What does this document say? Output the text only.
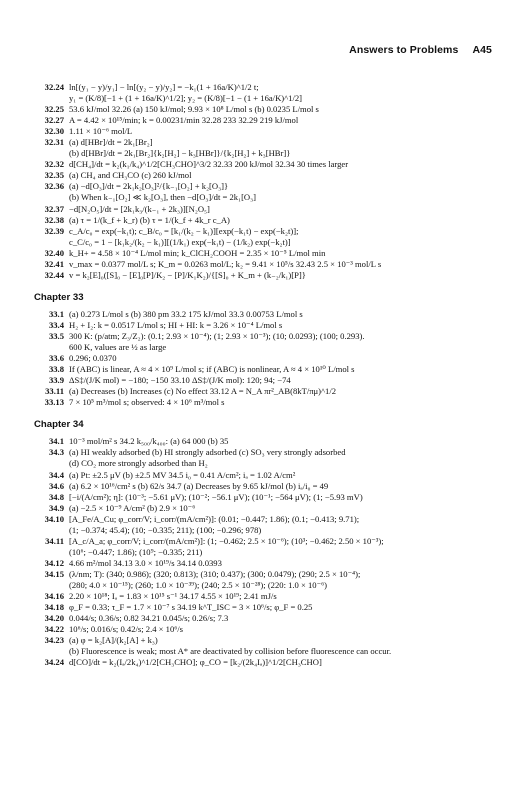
Answers to Problems A45
32.24 ln[(y₁ − y)/y₁] − ln[(y₂ − y)/y₂] = −k₁(1 + 16a/K)^1/2 t;
y₁ = (K/8)[−1 + (1 + 16a/K)^1/2]; y₂ = (K/8)[−1 − (1 + 16a/K)^1/2]
32.25 53.6 kJ/mol 32.26 (a) 150 kJ/mol; 9.93 × 10⁸ L/mol s (b) 0.0235 L/mol s
32.27 A = 4.42 × 10¹⁵/min; k = 0.00231/min 32.28 233 32.29 219 kJ/mol
32.30 1.11 × 10⁻⁶ mol/L
32.31 (a) d[HBr]/dt = 2k₁[Br₂]
(b) d[HBr]/dt = 2k₁[Br₂]{k₂[H₂] − k₃[HBr]}/{k₂[H₂] + k₃[HBr]}
32.32 d[CH₄]/dt = k₂(k₁/k₄)^1/2[CH₃CHO]^3/2 32.33 200 kJ/mol 32.34 30 times larger
32.35 (a) CH₄ and CH₃CO (c) 260 kJ/mol
32.36 (a) −d[O₃]/dt = 2k₁k₂[O₃]²/{k₋₁[O₂] + k₂[O₃]}
(b) When k₋₁[O₂] ≪ k₂[O₃], then −d[O₃]/dt = 2k₁[O₃]
32.37 −d[N₂O₅]/dt = [2k₁k₃/(k₋₁ + 2k₃)][N₂O₅]
32.38 (a) τ = 1/(k_f + k_r) (b) τ = 1/(k_f + 4k_r c_A)
32.39 c_A/c₀ = exp(−k₁t); c_B/c₀ = [k₁/(k₂ − k₁)][exp(−k₁t) − exp(−k₂t)];
c_C/c₀ = 1 − [k₁k₂/(k₂ − k₁)][(1/k₁) exp(−k₁t) − (1/k₂) exp(−k₂t)]
32.40 k_H+ = 4.58 × 10⁻⁴ L/mol min; k_ClCH₂COOH = 2.35 × 10⁻⁵ L/mol min
32.41 v_max = 0.0377 mol/L s; K_m = 0.0263 mol/L; k₂ = 9.41 × 10⁵/s 32.43 2.5 × 10⁻³ mol/L s
32.44 v = k₂[E]₀([S]₀ − [E]₀[P]/K₂ − [P]/K₁K₂)/{[S]₀ + K_m + (k₋₂/k₁)[P]}
Chapter 33
33.1 (a) 0.273 L/mol s (b) 380 pm 33.2 175 kJ/mol 33.3 0.00753 L/mol s
33.4 H₂ + I₂: k = 0.0517 L/mol s; HI + HI: k = 3.26 × 10⁻⁴ L/mol s
33.5 300 K: (p/atm; Z₃/Z₂): (0.1; 2.93 × 10⁻⁴); (1; 2.93 × 10⁻³); (10; 0.0293); (100; 0.293).
600 K, values are ½ as large
33.6 0.296; 0.0370
33.8 If (ABC) is linear, A ≈ 4 × 10⁹ L/mol s; if (ABC) is nonlinear, A ≈ 4 × 10¹⁰ L/mol s
33.9 ΔS‡/(J/K mol) = −180; −150 33.10 ΔS‡/(J/K mol): 120; 94; −74
33.11 (a) Decreases (b) Increases (c) No effect 33.12 A = N_A πr²_AB(8kT/πμ)^1/2
33.13 7 × 10⁵ m³/mol s; observed: 4 × 10⁶ m³/mol s
Chapter 34
34.1 10⁻³ mol/m² s 34.2 k₅₀₀/k₄₀₀: (a) 64 000 (b) 35
34.3 (a) HI weakly adsorbed (b) HI strongly adsorbed (c) SO₃ very strongly adsorbed
(d) CO₂ more strongly adsorbed than H₂
34.4 (a) Pt: ±2.5 μV (b) ±2.5 MV 34.5 i₀ = 0.41 A/cm²; iₐ = 1.02 A/cm²
34.6 (a) 6.2 × 10¹⁶/cm² s (b) 62/s 34.7 (a) Decreases by 9.65 kJ/mol (b) iₐ/i₀ = 49
34.8 [−i/(A/cm²); η]: (10⁻³; −5.61 μV); (10⁻²; −56.1 μV); (10⁻¹; −564 μV); (1; −5.93 mV)
34.9 (a) −2.5 × 10⁻⁹ A/cm² (b) 2.9 × 10⁻⁶
34.10 [A_Fe/A_Cu; φ_corr/V; i_corr/(mA/cm²)]: (0.01; −0.447; 1.86); (0.1; −0.413; 9.71);
(1; −0.374; 45.4); (10; −0.335; 211); (100; −0.296; 978)
34.11 [A_c/A_a; φ_corr/V; i_corr/(mA/cm²)]: (1; −0.462; 2.5 × 10⁻⁶); (10³; −0.462; 2.50 × 10⁻³);
(10⁶; −0.447; 1.86); (10⁹; −0.335; 211)
34.12 4.66 m²/mol 34.13 3.0 × 10¹⁹/s 34.14 0.0393
34.15 (λ/nm; T): (340; 0.986); (320; 0.813); (310; 0.437); (300; 0.0479); (290; 2.5 × 10⁻⁴);
(280; 4.0 × 10⁻¹⁵); (260; 1.0 × 10⁻³⁹); (240; 2.5 × 10⁻²⁸); (220: 1.0 × 10⁻⁶)
34.16 2.20 × 10¹⁸; Iₐ = 1.83 × 10¹⁵ s⁻¹ 34.17 4.55 × 10¹⁹; 2.41 mJ/s
34.18 φ_F = 0.33; τ_F = 1.7 × 10⁻⁷ s 34.19 k^T_ISC = 3 × 10⁶/s; φ_F = 0.25
34.20 0.044/s; 0.36/s; 0.82 34.21 0.045/s; 0.26/s; 7.3
34.22 10⁶/s; 0.016/s; 0.42/s; 2.4 × 10⁶/s
34.23 (a) φ = k₂[A]/(k₂[A] + k₃)
(b) Fluorescence is weak; most A* are deactivated by collision before fluorescence can occur.
34.24 d[CO]/dt = k₂(Iₐ/2k₄)^1/2[CH₃CHO]; φ_CO = [k₂/(2k₄Iₐ)]^1/2[CH₃CHO]
